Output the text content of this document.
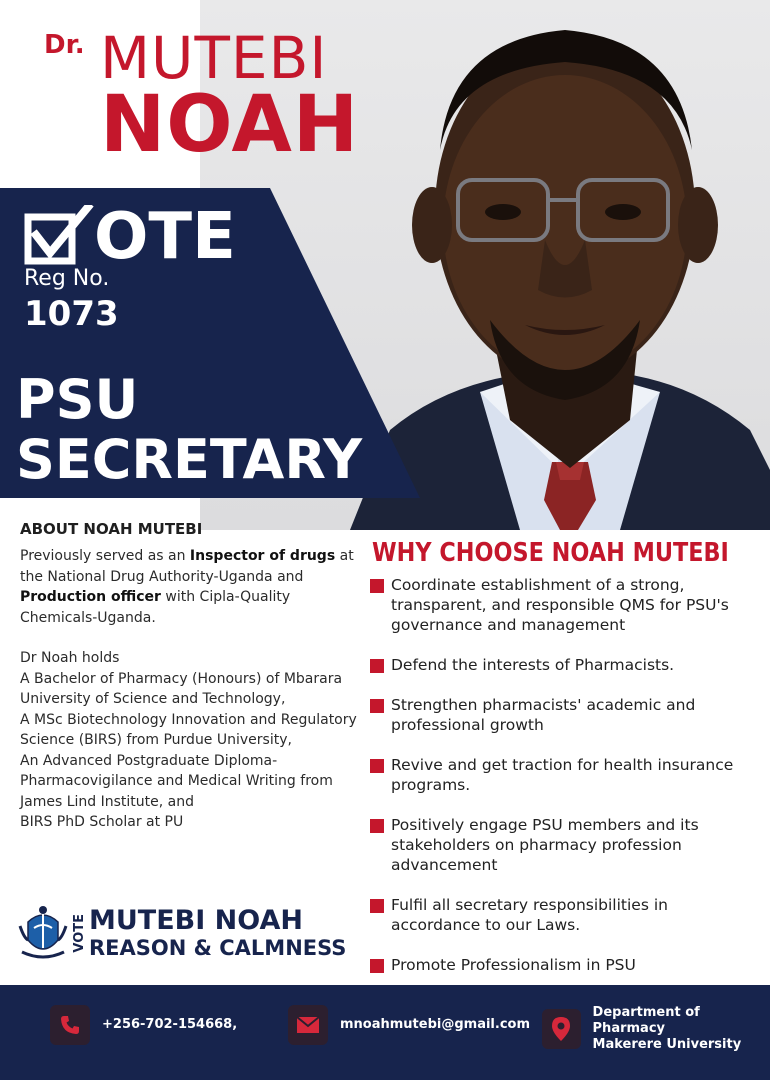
Dr. MUTEBI
NOAH
OTE
Reg No.
1073
PSU
SECRETARY
ABOUT NOAH MUTEBI

Previously served as an Inspector of drugs at the National Drug Authority-Uganda and Production officer with Cipla-Quality Chemicals-Uganda.

Dr Noah holds
A Bachelor of Pharmacy (Honours) of Mbarara University of Science and Technology,
A MSc Biotechnology Innovation and Regulatory Science (BIRS) from Purdue University,
An Advanced Postgraduate Diploma- Pharmacovigilance and Medical Writing from James Lind Institute, and
BIRS PhD Scholar at PU

WHY CHOOSE NOAH MUTEBI
Coordinate establishment of a strong, transparent, and responsible QMS for PSU's governance and management
Defend the interests of Pharmacists.
Strengthen pharmacists' academic and professional growth
Revive and get traction for health insurance programs.
Positively engage PSU members and its stakeholders on pharmacy profession advancement
Fulfil all secretary responsibilities in accordance to our Laws.
Promote Professionalism in PSU
VOTE MUTEBI NOAH
REASON & CALMNESS
+256-702-154668,	mnoahmutebi@gmail.com
Department of Pharmacy
Makerere University
